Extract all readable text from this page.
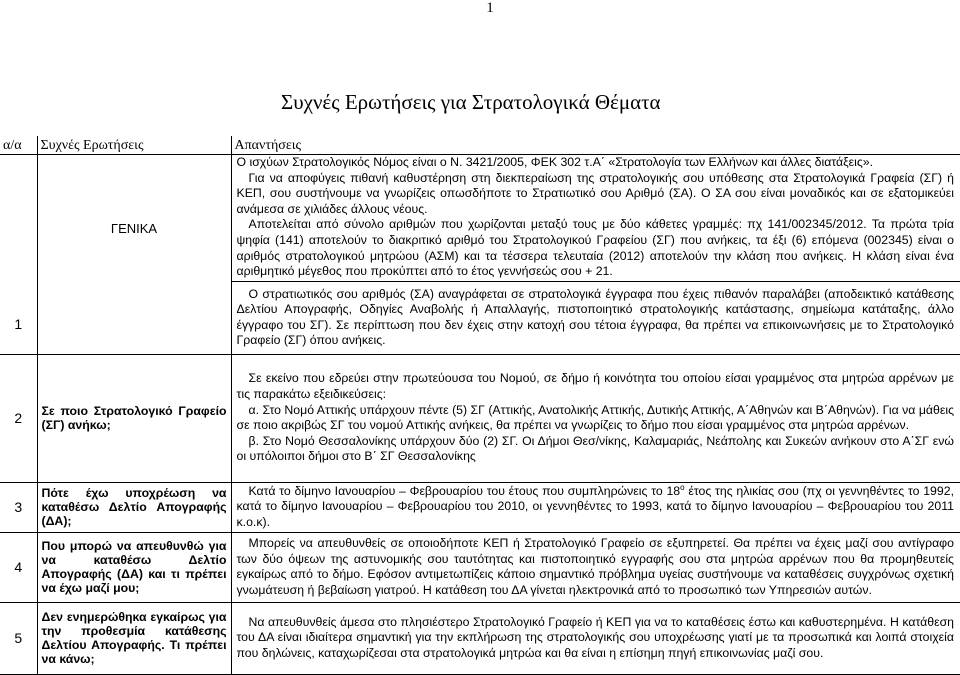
1
Συχνές Ερωτήσεις για Στρατολογικά Θέματα
α/α	Συχνές Ερωτήσεις	Απαντήσεις
1	ΓΕΝΙΚΑ	Ο ισχύων Στρατολογικός Νόμος είναι ο Ν. 3421/2005, ΦΕΚ 302 τ.Α΄ «Στρατολογία των Ελλήνων και άλλες διατάξεις».

Για να αποφύγεις πιθανή καθυστέρηση στη διεκπεραίωση της στρατολογικής σου υπόθεσης στα Στρατολογικά Γραφεία (ΣΓ) ή ΚΕΠ, σου συστήνουμε να γνωρίζεις οπωσδήποτε το Στρατιωτικό σου Αριθμό (ΣΑ). Ο ΣΑ σου είναι μοναδικός και σε εξατομικεύει ανάμεσα σε χιλιάδες άλλους νέους.

Αποτελείται από σύνολο αριθμών που χωρίζονται μεταξύ τους με δύο κάθετες γραμμές: πχ 141/002345/2012. Τα πρώτα τρία ψηφία (141) αποτελούν το διακριτικό αριθμό του Στρατολογικού Γραφείου (ΣΓ) που ανήκεις, τα έξι (6) επόμενα (002345) είναι ο αριθμός στρατολογικού μητρώου (ΑΣΜ) και τα τέσσερα τελευταία (2012) αποτελούν την κλάση που ανήκεις. Η κλάση είναι ένα αριθμητικό μέγεθος που προκύπτει από το έτος γεννήσεώς σου + 21.

		Ο στρατιωτικός σου αριθμός (ΣΑ) αναγράφεται σε στρατολογικά έγγραφα που έχεις πιθανόν παραλάβει (αποδεικτικό κατάθεσης Δελτίου Απογραφής, Οδηγίες Αναβολής ή Απαλλαγής, πιστοποιητικό στρατολογικής κατάστασης, σημείωμα κατάταξης, άλλο έγγραφο του ΣΓ). Σε περίπτωση που δεν έχεις στην κατοχή σου τέτοια έγγραφα, θα πρέπει να επικοινωνήσεις με το Στρατολογικό Γραφείο (ΣΓ) όπου ανήκεις.

2	Σε ποιο Στρατολογικό Γραφείο (ΣΓ) ανήκω;	Σε εκείνο που εδρεύει στην πρωτεύουσα του Νομού, σε δήμο ή κοινότητα του οποίου είσαι γραμμένος στα μητρώα αρρένων με τις παρακάτω εξειδικεύσεις:

α. Στο Νομό Αττικής υπάρχουν πέντε (5) ΣΓ (Αττικής, Ανατολικής Αττικής, Δυτικής Αττικής, Α΄Αθηνών και Β΄Αθηνών). Για να μάθεις σε ποιο ακριβώς ΣΓ του νομού Αττικής ανήκεις, θα πρέπει να γνωρίζεις το δήμο που είσαι γραμμένος στα μητρώα αρρένων.

β. Στο Νομό Θεσσαλονίκης υπάρχουν δύο (2) ΣΓ. Οι Δήμοι Θεσ/νίκης, Καλαμαριάς, Νεάπολης και Συκεών ανήκουν στο Α΄ΣΓ ενώ οι υπόλοιποι δήμοι στο Β΄ ΣΓ Θεσσαλονίκης

3	Πότε έχω υποχρέωση να καταθέσω Δελτίο Απογραφής (ΔΑ);	Κατά το δίμηνο Ιανουαρίου – Φεβρουαρίου του έτους που συμπληρώνεις το $18^o$ έτος της ηλικίας σου (πχ οι γεννηθέντες το 1992, κατά το δίμηνο Ιανουαρίου – Φεβρουαρίου του 2010, οι γεννηθέντες το 1993, κατά το δίμηνο Ιανουαρίου – Φεβρουαρίου του 2011 κ.ο.κ).

4	Που μπορώ να απευθυνθώ για να καταθέσω Δελτίο Απογραφής (ΔΑ) και τι πρέπει να έχω μαζί μου;	Μπορείς να απευθυνθείς σε οποιοδήποτε ΚΕΠ ή Στρατολογικό Γραφείο σε εξυπηρετεί. Θα πρέπει να έχεις μαζί σου αντίγραφο των δύο όψεων της αστυνομικής σου ταυτότητας και πιστοποιητικό εγγραφής σου στα μητρώα αρρένων που θα προμηθευτείς εγκαίρως από το δήμο. Εφόσον αντιμετωπίζεις κάποιο σημαντικό πρόβλημα υγείας συστήνουμε να καταθέσεις συγχρόνως σχετική γνωμάτευση ή βεβαίωση γιατρού. Η κατάθεση του ΔΑ γίνεται ηλεκτρονικά από το προσωπικό των Υπηρεσιών αυτών.

5	Δεν ενημερώθηκα εγκαίρως για την προθεσμία κατάθεσης Δελτίου Απογραφής. Τι πρέπει να κάνω;	Να απευθυνθείς άμεσα στο πλησιέστερο Στρατολογικό Γραφείο ή ΚΕΠ για να το καταθέσεις έστω και καθυστερημένα. Η κατάθεση του ΔΑ είναι ιδιαίτερα σημαντική για την εκπλήρωση της στρατολογικής σου υποχρέωσης γιατί με τα προσωπικά και λοιπά στοιχεία που δηλώνεις, καταχωρίζεσαι στα στρατολογικά μητρώα και θα είναι η επίσημη πηγή επικοινωνίας μαζί σου.
